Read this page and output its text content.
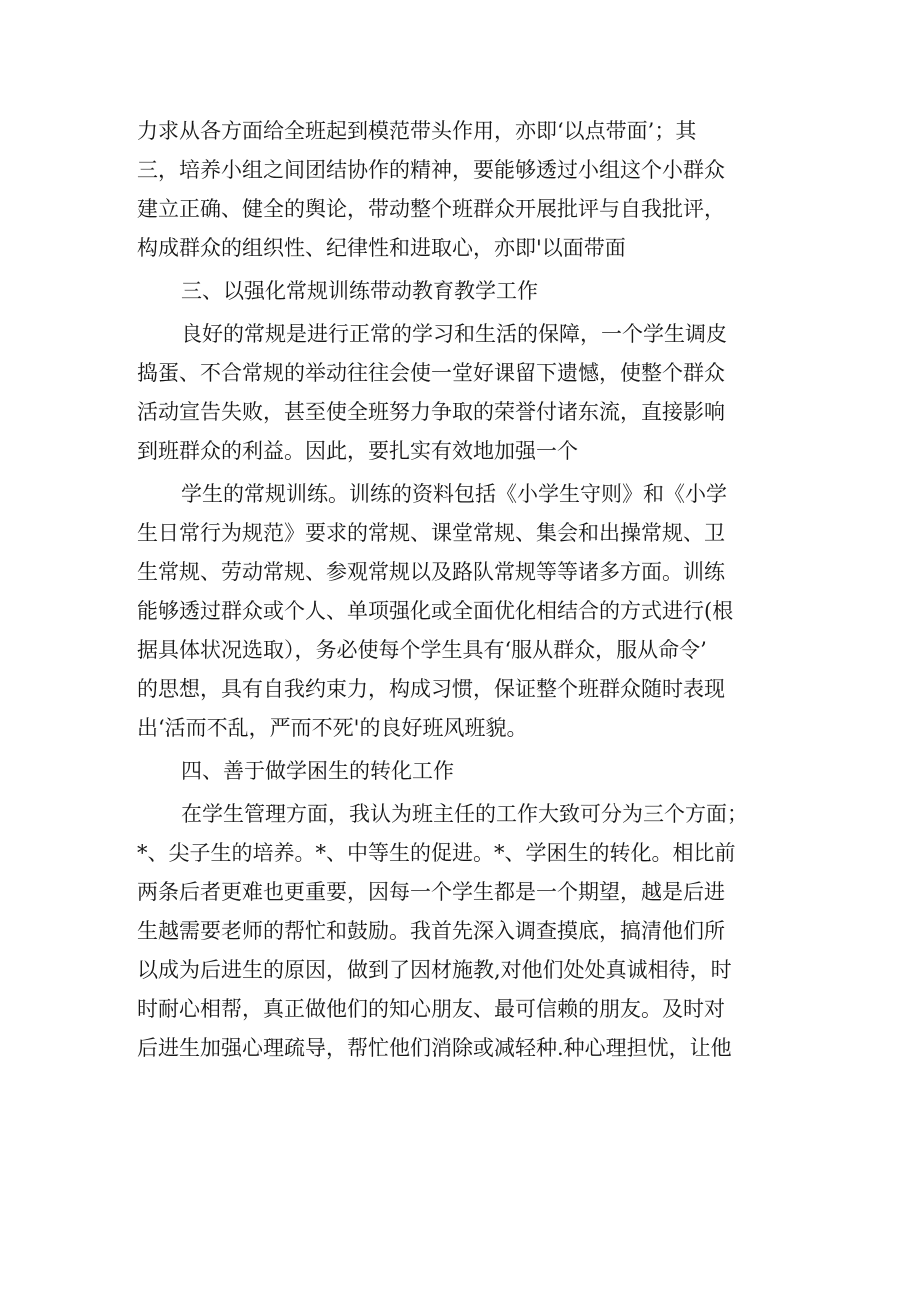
力求从各方面给全班起到模范带头作用，亦即‘以点带面’；其
三，培养小组之间团结协作的精神，要能够透过小组这个小群众
建立正确、健全的舆论，带动整个班群众开展批评与自我批评，
构成群众的组织性、纪律性和进取心，亦即'以面带面
三、以强化常规训练带动教育教学工作
良好的常规是进行正常的学习和生活的保障，一个学生调皮
捣蛋、不合常规的举动往往会使一堂好课留下遗憾，使整个群众
活动宣告失败，甚至使全班努力争取的荣誉付诸东流，直接影响
到班群众的利益。因此，要扎实有效地加强一个
学生的常规训练。训练的资料包括《小学生守则》和《小学
生日常行为规范》要求的常规、课堂常规、集会和出操常规、卫
生常规、劳动常规、参观常规以及路队常规等等诸多方面。训练
能够透过群众或个人、单项强化或全面优化相结合的方式进行(根
据具体状况选取），务必使每个学生具有‘服从群众，服从命令’
的思想，具有自我约束力，构成习惯，保证整个班群众随时表现
出‘活而不乱，严而不死'的良好班风班貌。
四、善于做学困生的转化工作
在学生管理方面，我认为班主任的工作大致可分为三个方面；
*、尖子生的培养。*、中等生的促进。*、学困生的转化。相比前
两条后者更难也更重要，因每一个学生都是一个期望，越是后进
生越需要老师的帮忙和鼓励。我首先深入调查摸底，搞清他们所
以成为后进生的原因，做到了因材施教,对他们处处真诚相待，时
时耐心相帮，真正做他们的知心朋友、最可信赖的朋友。及时对
后进生加强心理疏导，帮忙他们消除或减轻种.种心理担忧，让他
